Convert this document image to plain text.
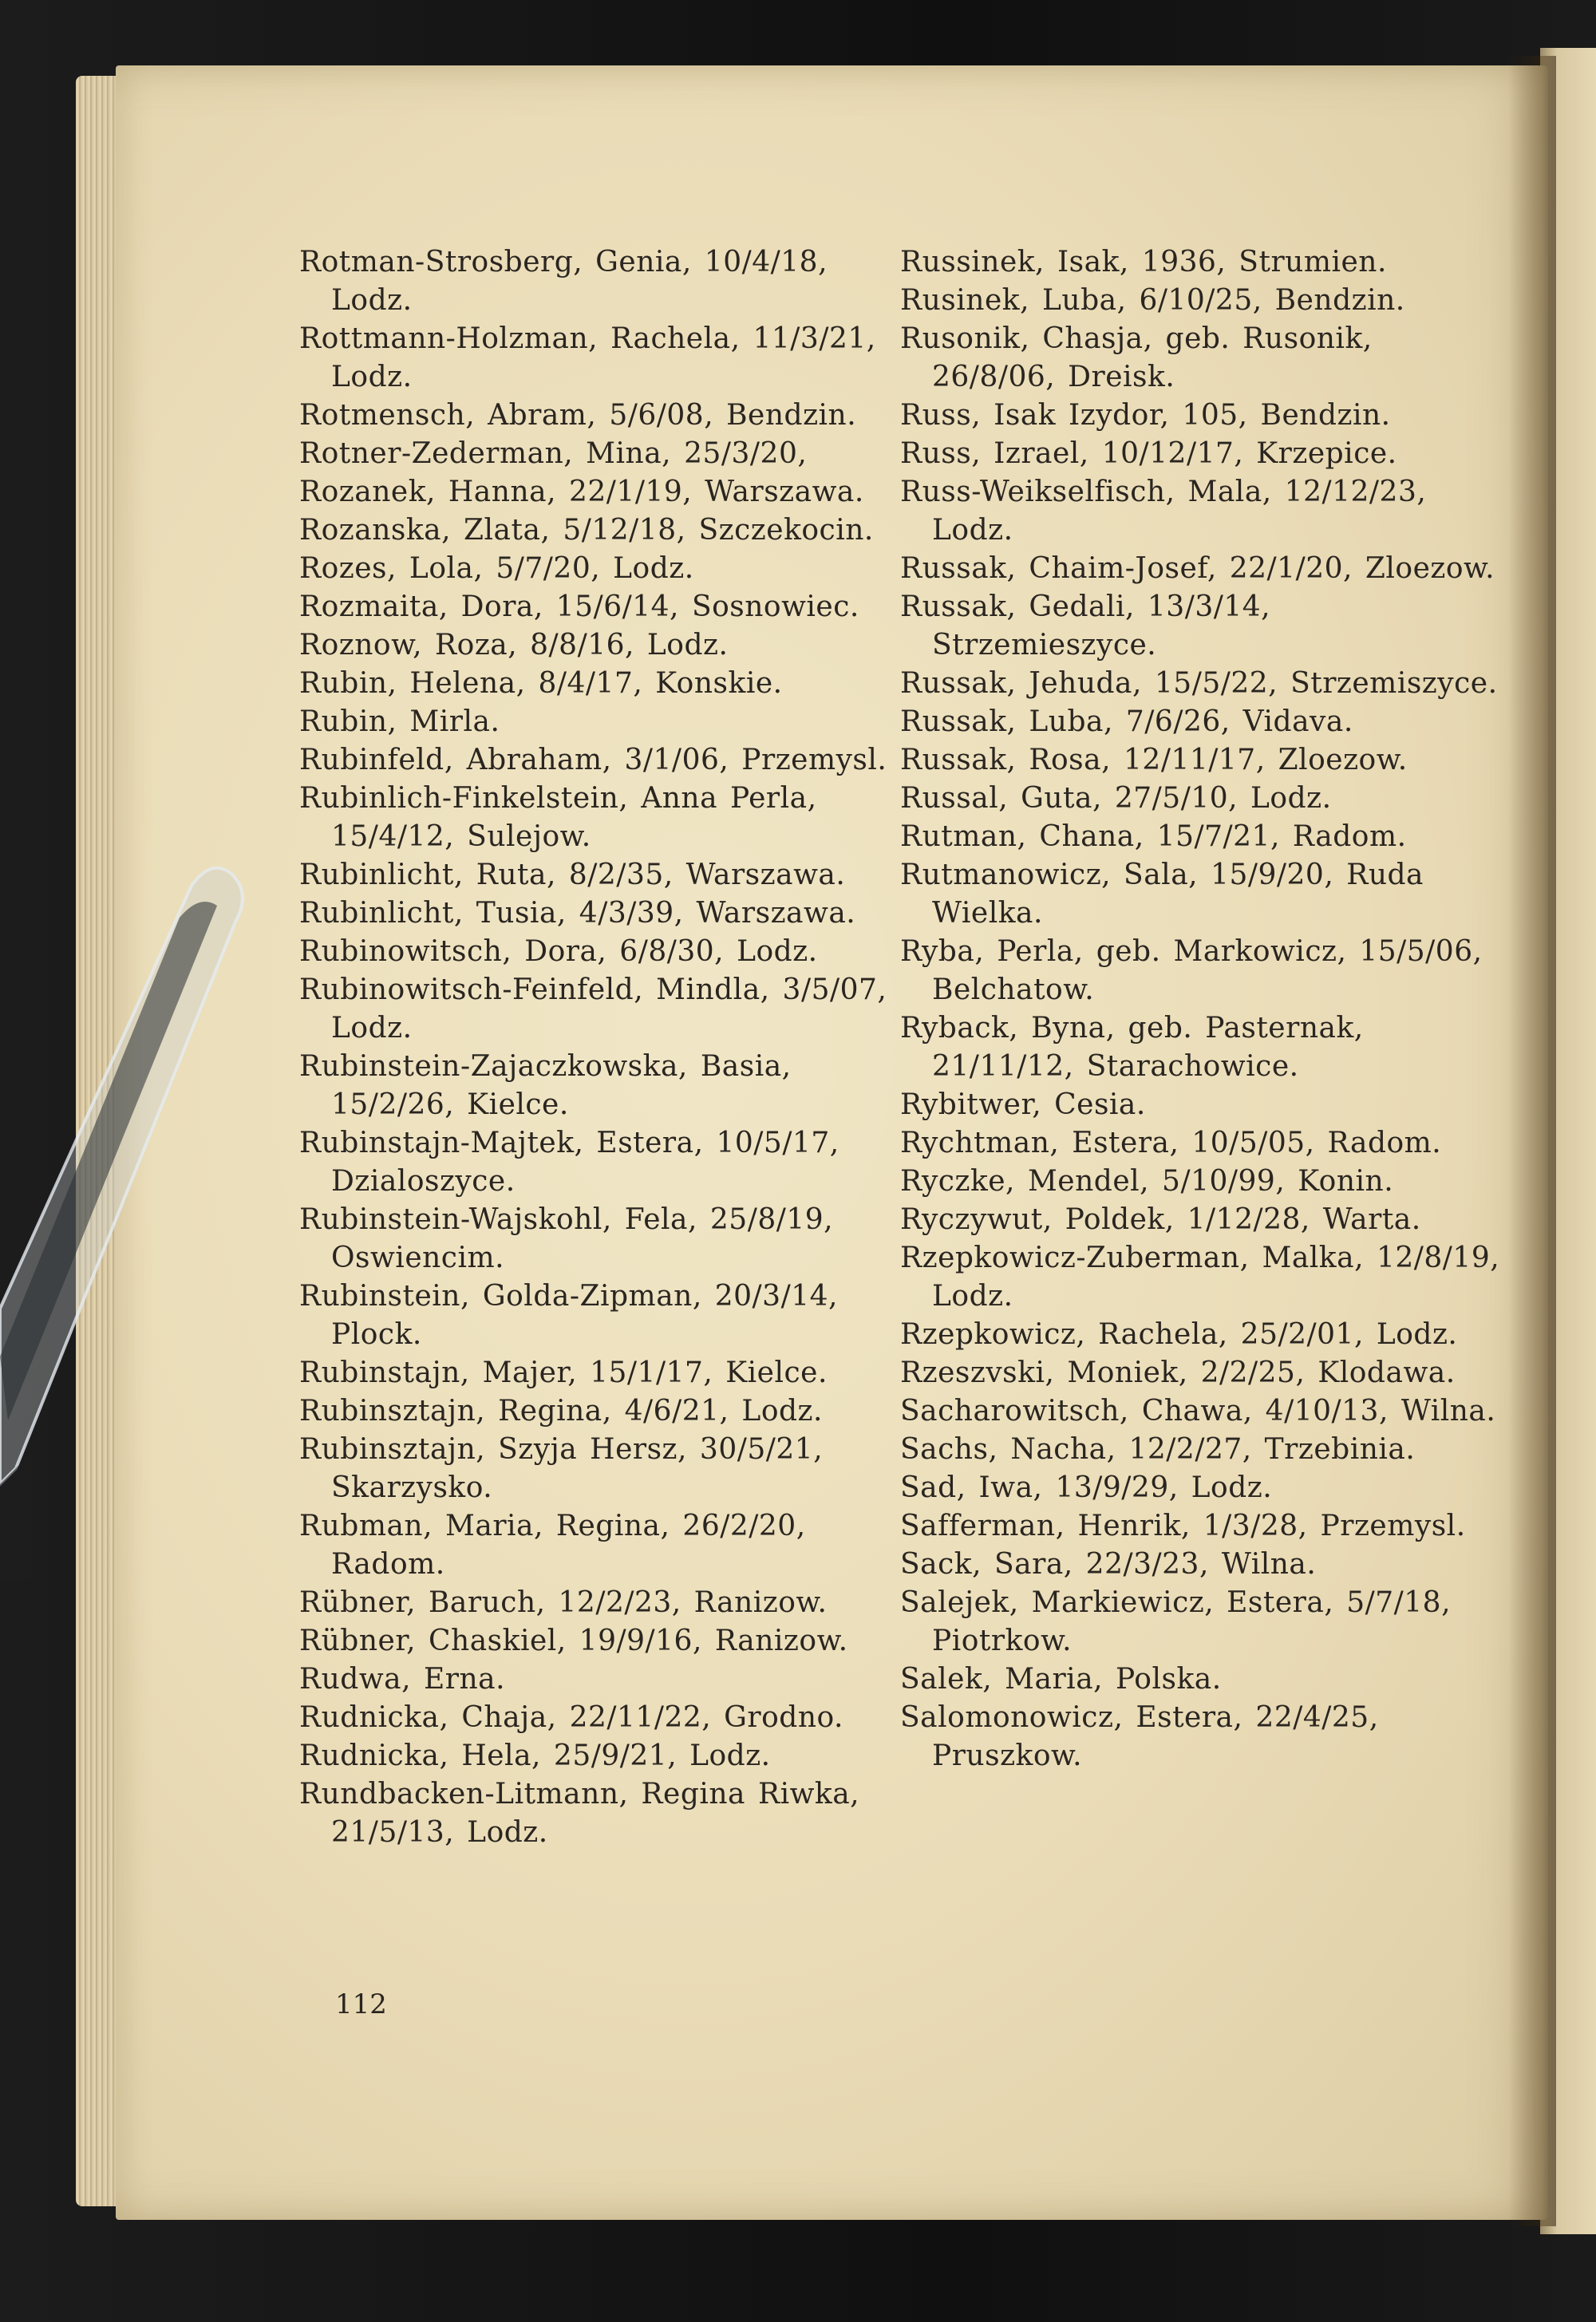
Rotman-Strosberg, Genia, 10/4/18, Lodz.
Rottmann-Holzman, Rachela, 11/3/21, Lodz.
Rotmensch, Abram, 5/6/08, Bendzin.
Rotner-Zederman, Mina, 25/3/20,
Rozanek, Hanna, 22/1/19, Warszawa.
Rozanska, Zlata, 5/12/18, Szczekocin.
Rozes, Lola, 5/7/20, Lodz.
Rozmaita, Dora, 15/6/14, Sosnowiec.
Roznow, Roza, 8/8/16, Lodz.
Rubin, Helena, 8/4/17, Konskie.
Rubin, Mirla.
Rubinfeld, Abraham, 3/1/06, Przemysl.
Rubinlich-Finkelstein, Anna Perla, 15/4/12, Sulejow.
Rubinlicht, Ruta, 8/2/35, Warszawa.
Rubinlicht, Tusia, 4/3/39, Warszawa.
Rubinowitsch, Dora, 6/8/30, Lodz.
Rubinowitsch-Feinfeld, Mindla, 3/5/07, Lodz.
Rubinstein-Zajaczkowska, Basia, 15/2/26, Kielce.
Rubinstajn-Majtek, Estera, 10/5/17, Dzialoszyce.
Rubinstein-Wajskohl, Fela, 25/8/19, Oswiencim.
Rubinstein, Golda-Zipman, 20/3/14, Plock.
Rubinstajn, Majer, 15/1/17, Kielce.
Rubinsztajn, Regina, 4/6/21, Lodz.
Rubinsztajn, Szyja Hersz, 30/5/21, Skarzysko.
Rubman, Maria, Regina, 26/2/20, Radom.
Rübner, Baruch, 12/2/23, Ranizow.
Rübner, Chaskiel, 19/9/16, Ranizow.
Rudwa, Erna.
Rudnicka, Chaja, 22/11/22, Grodno.
Rudnicka, Hela, 25/9/21, Lodz.
Rundbacken-Litmann, Regina Riwka, 21/5/13, Lodz.
Russinek, Isak, 1936, Strumien.
Rusinek, Luba, 6/10/25, Bendzin.
Rusonik, Chasja, geb. Rusonik, 26/8/06, Dreisk.
Russ, Isak Izydor, 105, Bendzin.
Russ, Izrael, 10/12/17, Krzepice.
Russ-Weikselfisch, Mala, 12/12/23, Lodz.
Russak, Chaim-Josef, 22/1/20, Zloezow.
Russak, Gedali, 13/3/14, Strzemieszyce.
Russak, Jehuda, 15/5/22, Strzemiszyce.
Russak, Luba, 7/6/26, Vidava.
Russak, Rosa, 12/11/17, Zloezow.
Russal, Guta, 27/5/10, Lodz.
Rutman, Chana, 15/7/21, Radom.
Rutmanowicz, Sala, 15/9/20, Ruda Wielka.
Ryba, Perla, geb. Markowicz, 15/5/06, Belchatow.
Ryback, Byna, geb. Pasternak, 21/11/12, Starachowice.
Rybitwer, Cesia.
Rychtman, Estera, 10/5/05, Radom.
Ryczke, Mendel, 5/10/99, Konin.
Ryczywut, Poldek, 1/12/28, Warta.
Rzepkowicz-Zuberman, Malka, 12/8/19, Lodz.
Rzepkowicz, Rachela, 25/2/01, Lodz.
Rzeszvski, Moniek, 2/2/25, Klodawa.
Sacharowitsch, Chawa, 4/10/13, Wilna.
Sachs, Nacha, 12/2/27, Trzebinia.
Sad, Iwa, 13/9/29, Lodz.
Safferman, Henrik, 1/3/28, Przemysl.
Sack, Sara, 22/3/23, Wilna.
Salejek, Markiewicz, Estera, 5/7/18, Piotrkow.
Salek, Maria, Polska.
Salomonowicz, Estera, 22/4/25, Pruszkow.
112
